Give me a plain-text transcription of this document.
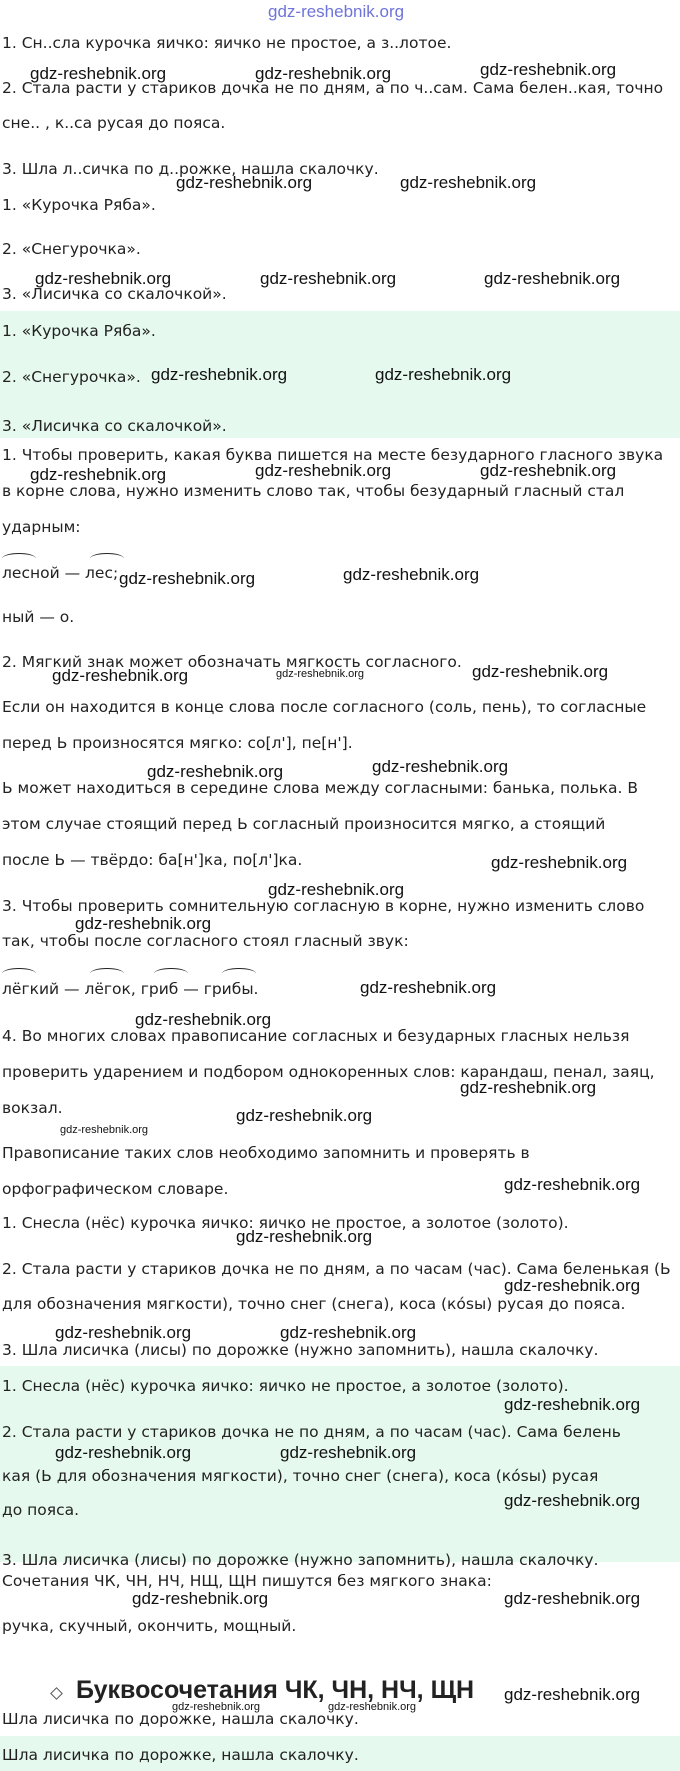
gdz-reshebnik.org
1. Сн..сла курочка яичко: яичко не простое, а з..лотое.
2. Стала расти у стариков дочка не по дням, а по ч..сам. Сама белен..кая, точно
сне.. , к..са русая до пояса.
3. Шла л..сичка по д..рожке, нашла скалочку.
1. «Курочка Ряба».
2. «Снегурочка».
3. «Лисичка со скалочкой».
1. «Курочка Ряба».
2. «Снегурочка».
3. «Лисичка со скалочкой».
1. Чтобы проверить, какая буква пишется на месте безударного гласного звука
в корне слова, нужно изменить слово так, чтобы безударный гласный стал
ударным:
лесной — лес;
ный — о.
2. Мягкий знак может обозначать мягкость согласного.
Если он находится в конце слова после согласного (соль, пень), то согласные
перед Ь произносятся мягко: со[л'], пе[н'].
Ь может находиться в середине слова между согласными: банька, полька. В
этом случае стоящий перед Ь согласный произносится мягко, а стоящий
после Ь — твёрдо: ба[н']ка, по[л']ка.
3. Чтобы проверить сомнительную согласную в корне, нужно изменить слово
так, чтобы после согласного стоял гласный звук:
лёгкий — лёгок, гриб — грибы.
4. Во многих словах правописание согласных и безударных гласных нельзя
проверить ударением и подбором однокоренных слов: карандаш, пенал, заяц,
вокзал.
Правописание таких слов необходимо запомнить и проверять в
орфографическом словаре.
1. Снесла (нёс) курочка яичко: яичко не простое, а золотое (золото).
2. Стала расти у стариков дочка не по дням, а по часам (час). Сама беленькая (Ь
для обозначения мягкости), точно снег (снега), коса (кósы) русая до пояса.
3. Шла лисичка (лисы) по дорожке (нужно запомнить), нашла скалочку.
1. Снесла (нёс) курочка яичко: яичко не простое, а золотое (золото).
2. Стала расти у стариков дочка не по дням, а по часам (час). Сама белень
кая (Ь для обозначения мягкости), точно снег (снега), коса (кósы) русая
до пояса.
3. Шла лисичка (лисы) по дорожке (нужно запомнить), нашла скалочку.
Сочетания ЧК, ЧН, НЧ, НЩ, ЩН пишутся без мягкого знака:
ручка, скучный, окончить, мощный.
Буквосочетания ЧК, ЧН, НЧ, ЩН
Шла лисичка по дорожке, нашла скалочку.
Шла лисичка по дорожке, нашла скалочку.
gdz-reshebnik.org	gdz-reshebnik.org	gdz-reshebnik.org
gdz-reshebnik.org	gdz-reshebnik.org
gdz-reshebnik.org	gdz-reshebnik.org	gdz-reshebnik.org
gdz-reshebnik.org	gdz-reshebnik.org
gdz-reshebnik.org	gdz-reshebnik.org	gdz-reshebnik.org
gdz-reshebnik.org	gdz-reshebnik.org
gdz-reshebnik.org	gdz-reshebnik.org	gdz-reshebnik.org
gdz-reshebnik.org	gdz-reshebnik.org
gdz-reshebnik.org
gdz-reshebnik.org
gdz-reshebnik.org
gdz-reshebnik.org
gdz-reshebnik.org
gdz-reshebnik.org
gdz-reshebnik.org
gdz-reshebnik.org
gdz-reshebnik.org
gdz-reshebnik.org
gdz-reshebnik.org
gdz-reshebnik.org	gdz-reshebnik.org
gdz-reshebnik.org
gdz-reshebnik.org	gdz-reshebnik.org
gdz-reshebnik.org
gdz-reshebnik.org	gdz-reshebnik.org
gdz-reshebnik.org
gdz-reshebnik.org	gdz-reshebnik.org
